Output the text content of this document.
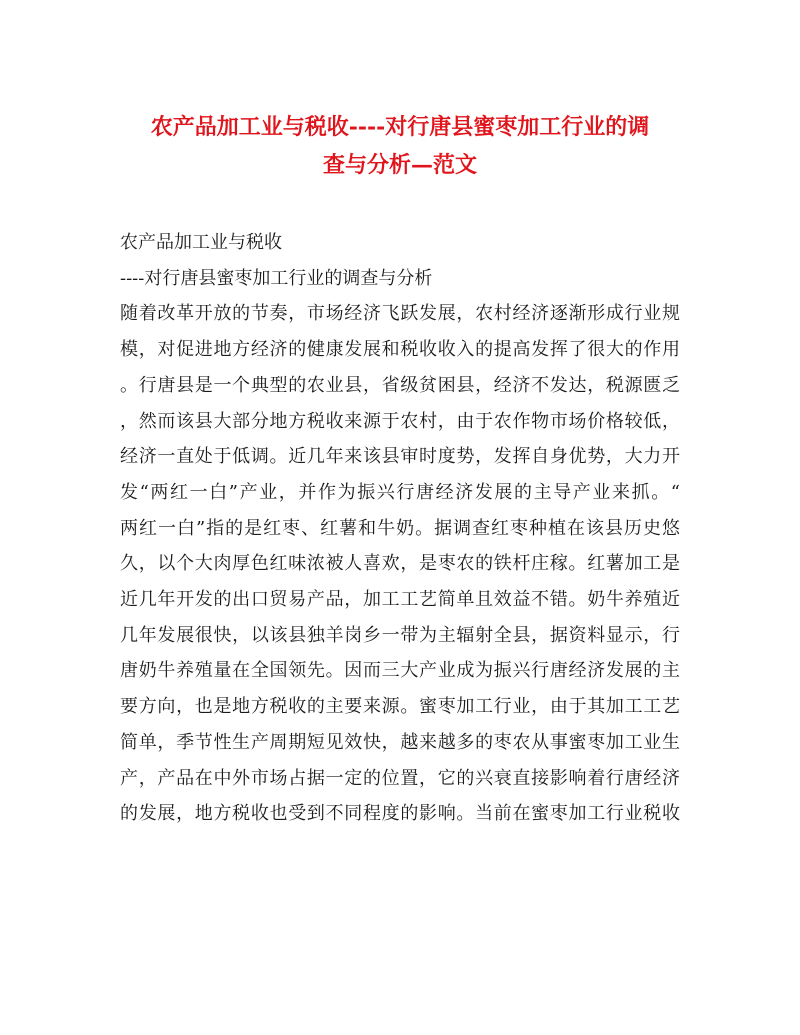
农产品加工业与税收----对行唐县蜜枣加工行业的调
查与分析—范文
农产品加工业与税收
----对行唐县蜜枣加工行业的调查与分析
随着改革开放的节奏，市场经济飞跃发展，农村经济逐渐形成行业规
模，对促进地方经济的健康发展和税收收入的提高发挥了很大的作用
。行唐县是一个典型的农业县，省级贫困县，经济不发达，税源匮乏
，然而该县大部分地方税收来源于农村，由于农作物市场价格较低，
经济一直处于低调。近几年来该县审时度势，发挥自身优势，大力开
发“两红一白”产业，并作为振兴行唐经济发展的主导产业来抓。“
两红一白”指的是红枣、红薯和牛奶。据调查红枣种植在该县历史悠
久，以个大肉厚色红味浓被人喜欢，是枣农的铁杆庄稼。红薯加工是
近几年开发的出口贸易产品，加工工艺简单且效益不错。奶牛养殖近
几年发展很快，以该县独羊岗乡一带为主辐射全县，据资料显示，行
唐奶牛养殖量在全国领先。因而三大产业成为振兴行唐经济发展的主
要方向，也是地方税收的主要来源。蜜枣加工行业，由于其加工工艺
简单，季节性生产周期短见效快，越来越多的枣农从事蜜枣加工业生
产，产品在中外市场占据一定的位置，它的兴衰直接影响着行唐经济
的发展，地方税收也受到不同程度的影响。当前在蜜枣加工行业税收
